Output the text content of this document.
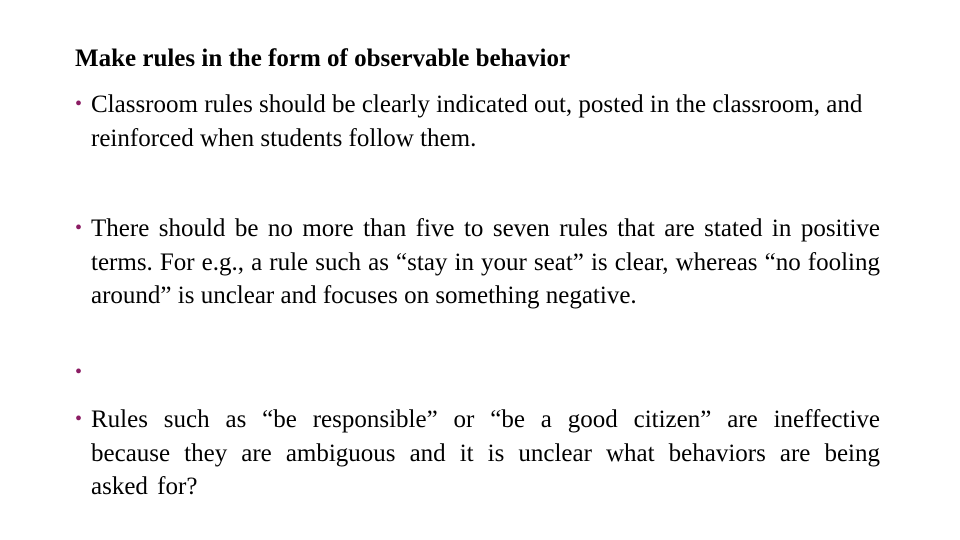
Make rules in the form of observable behavior
• Classroom rules should be clearly indicated out, posted in the classroom, and reinforced when students follow them.
• There should be no more than five to seven rules that are stated in positive terms. For e.g., a rule such as “stay in your seat” is clear, whereas “no fooling around” is unclear and focuses on something negative.
•
• Rules such as “be responsible” or “be a good citizen” are ineffective because they are ambiguous and it is unclear what behaviors are being asked for?
